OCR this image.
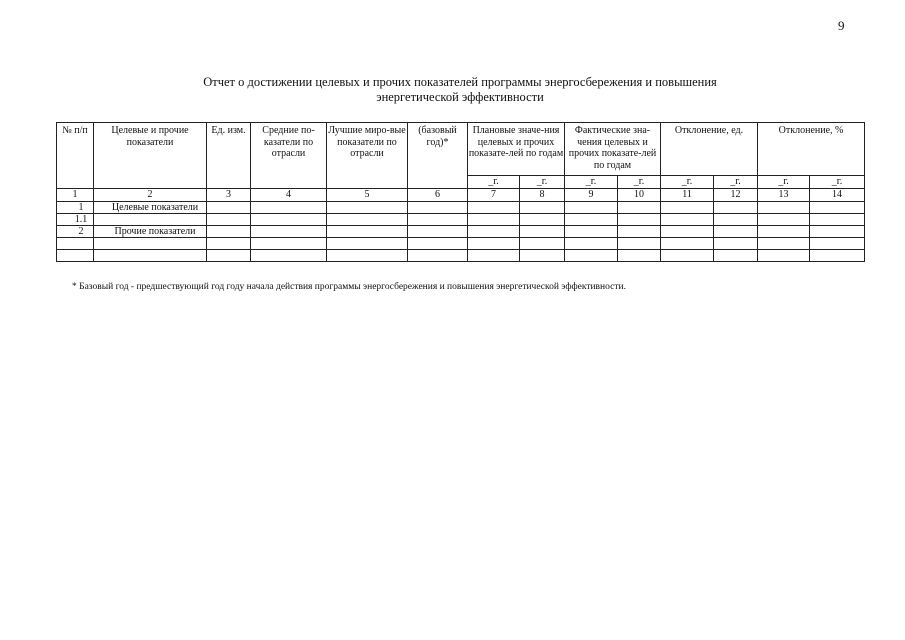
9
Отчет о достижении целевых и прочих показателей программы энергосбережения и повышения
энергетической эффективности
№ п/п	Целевые и прочие показатели	Ед. изм.	Средние по-казатели по отрасли	Лучшие миро-вые показатели по отрасли	(базовый год)*	Плановые значе-ния целевых и прочих показате-лей по годам		Фактические зна-чения целевых и прочих показате-лей по годам		Отклонение, ед.		Отклонение, %	
						_г.	_г.	_г.	_г.	_г.	_г.	_г.	_г.
1	2	3	4	5	6	7	8	9	10	11	12	13	14
1	Целевые показатели												
1.1													
2	Прочие показатели												

* Базовый год - предшествующий год году начала действия программы энергосбережения и повышения энергетической эффективности.
